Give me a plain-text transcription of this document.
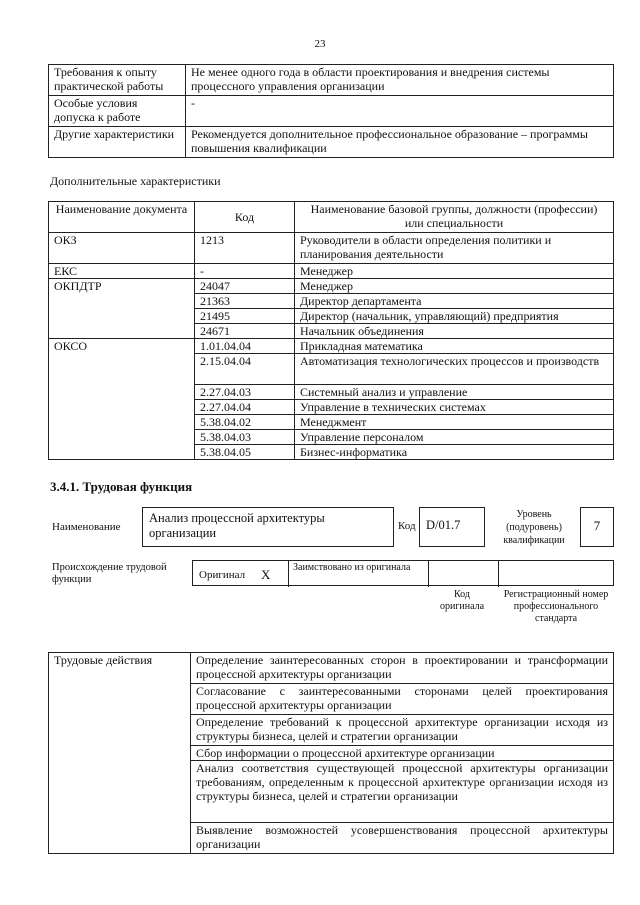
23
Требования к опыту практической работы	Не менее одного года в области проектирования и внедрения системы процессного управления организации
Особые условия допуска к работе	-
Другие характеристики	Рекомендуется дополнительное профессиональное образование – программы повышения квалификации
Дополнительные характеристики
Наименование документа	Код	Наименование базовой группы, должности (профессии) или специальности
ОКЗ	1213	Руководители в области определения политики и планирования деятельности
ЕКС	-	Менеджер
ОКПДТР	24047	Менеджер
	21363	Директор департамента
	21495	Директор (начальник, управляющий) предприятия
	24671	Начальник объединения
ОКСО	1.01.04.04	Прикладная математика
	2.15.04.04	Автоматизация технологических процессов и производств
	2.27.04.03	Системный анализ и управление
	2.27.04.04	Управление в технических системах
	5.38.04.02	Менеджмент
	5.38.04.03	Управление персоналом
	5.38.04.05	Бизнес-информатика
3.4.1. Трудовая функция
Наименование
Анализ процессной архитектуры организации	Код D/01.7
Уровень (подуровень) квалификации
7
Происхождение трудовой функции	Оригинал X Заимствовано из оригинала
Код оригинала
Регистрационный номер профессионального стандарта
Трудовые действия	Определение заинтересованных сторон в проектировании и трансформации процессной архитектуры организации
Согласование с заинтересованными сторонами целей проектирования процессной архитектуры организации
Определение требований к процессной архитектуре организации исходя из структуры бизнеса, целей и стратегии организации
Сбор информации о процессной архитектуре организации
Анализ соответствия существующей процессной архитектуры организации требованиям, определенным к процессной архитектуре организации исходя из структуры бизнеса, целей и стратегии организации
Выявление возможностей усовершенствования процессной архитектуры организации
